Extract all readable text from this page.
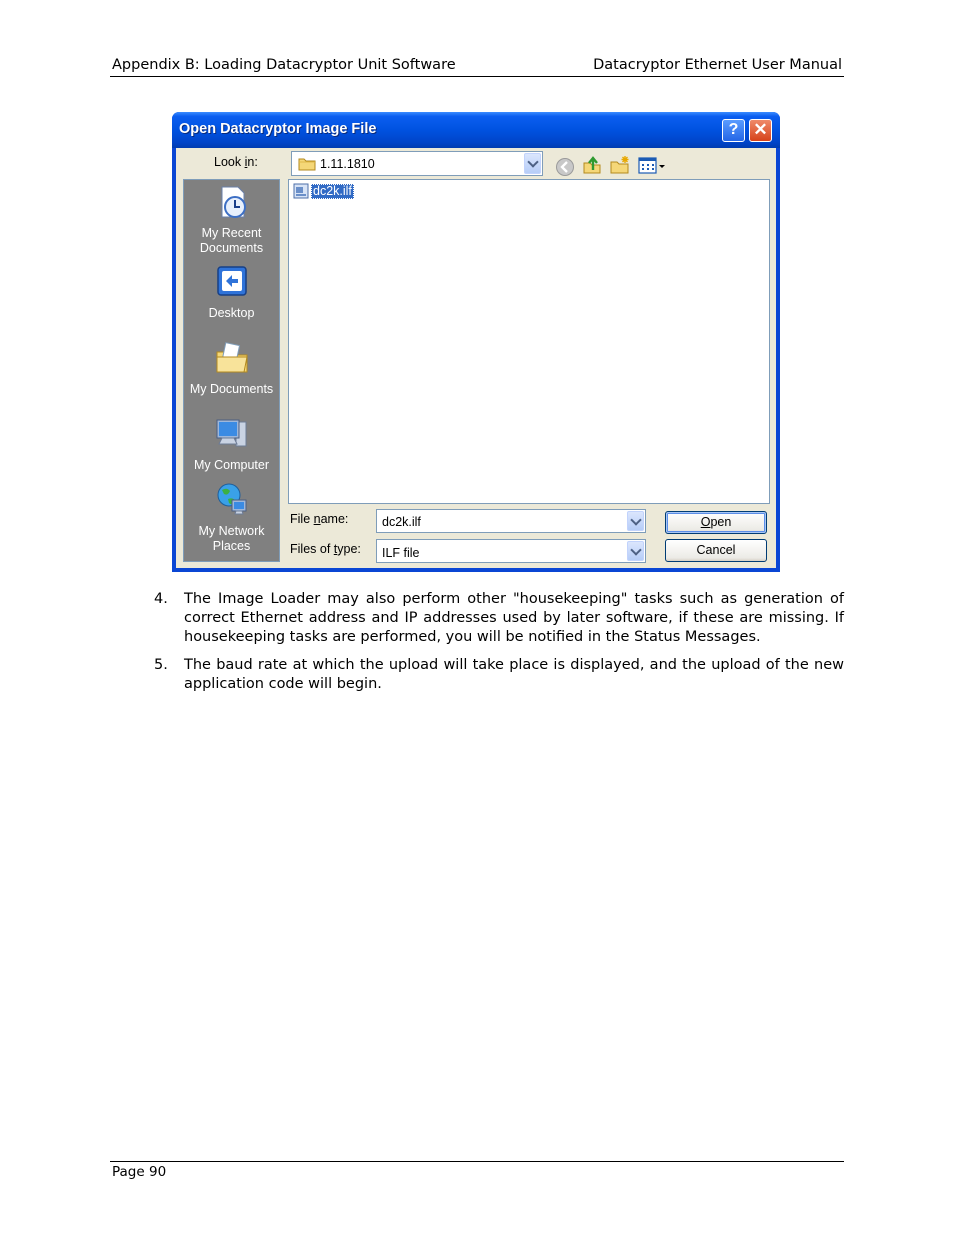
Appendix B: Loading Datacryptor Unit Software	Datacryptor Ethernet User Manual
Open Datacryptor Image File	? ✕
Look in:	1.11.1810
My Recent
Documents
Desktop
My Documents
My Computer
My Network
Places
dc2k.ilf
File name:	dc2k.ilf
Files of type: ILF file
Open
Cancel
4. The Image Loader may also perform other "housekeeping" tasks such as generation of correct Ethernet address and IP addresses used by later software, if these are missing. If housekeeping tasks are performed, you will be notified in the Status Messages.
5. The baud rate at which the upload will take place is displayed, and the upload of the new application code will begin.
Page 90
